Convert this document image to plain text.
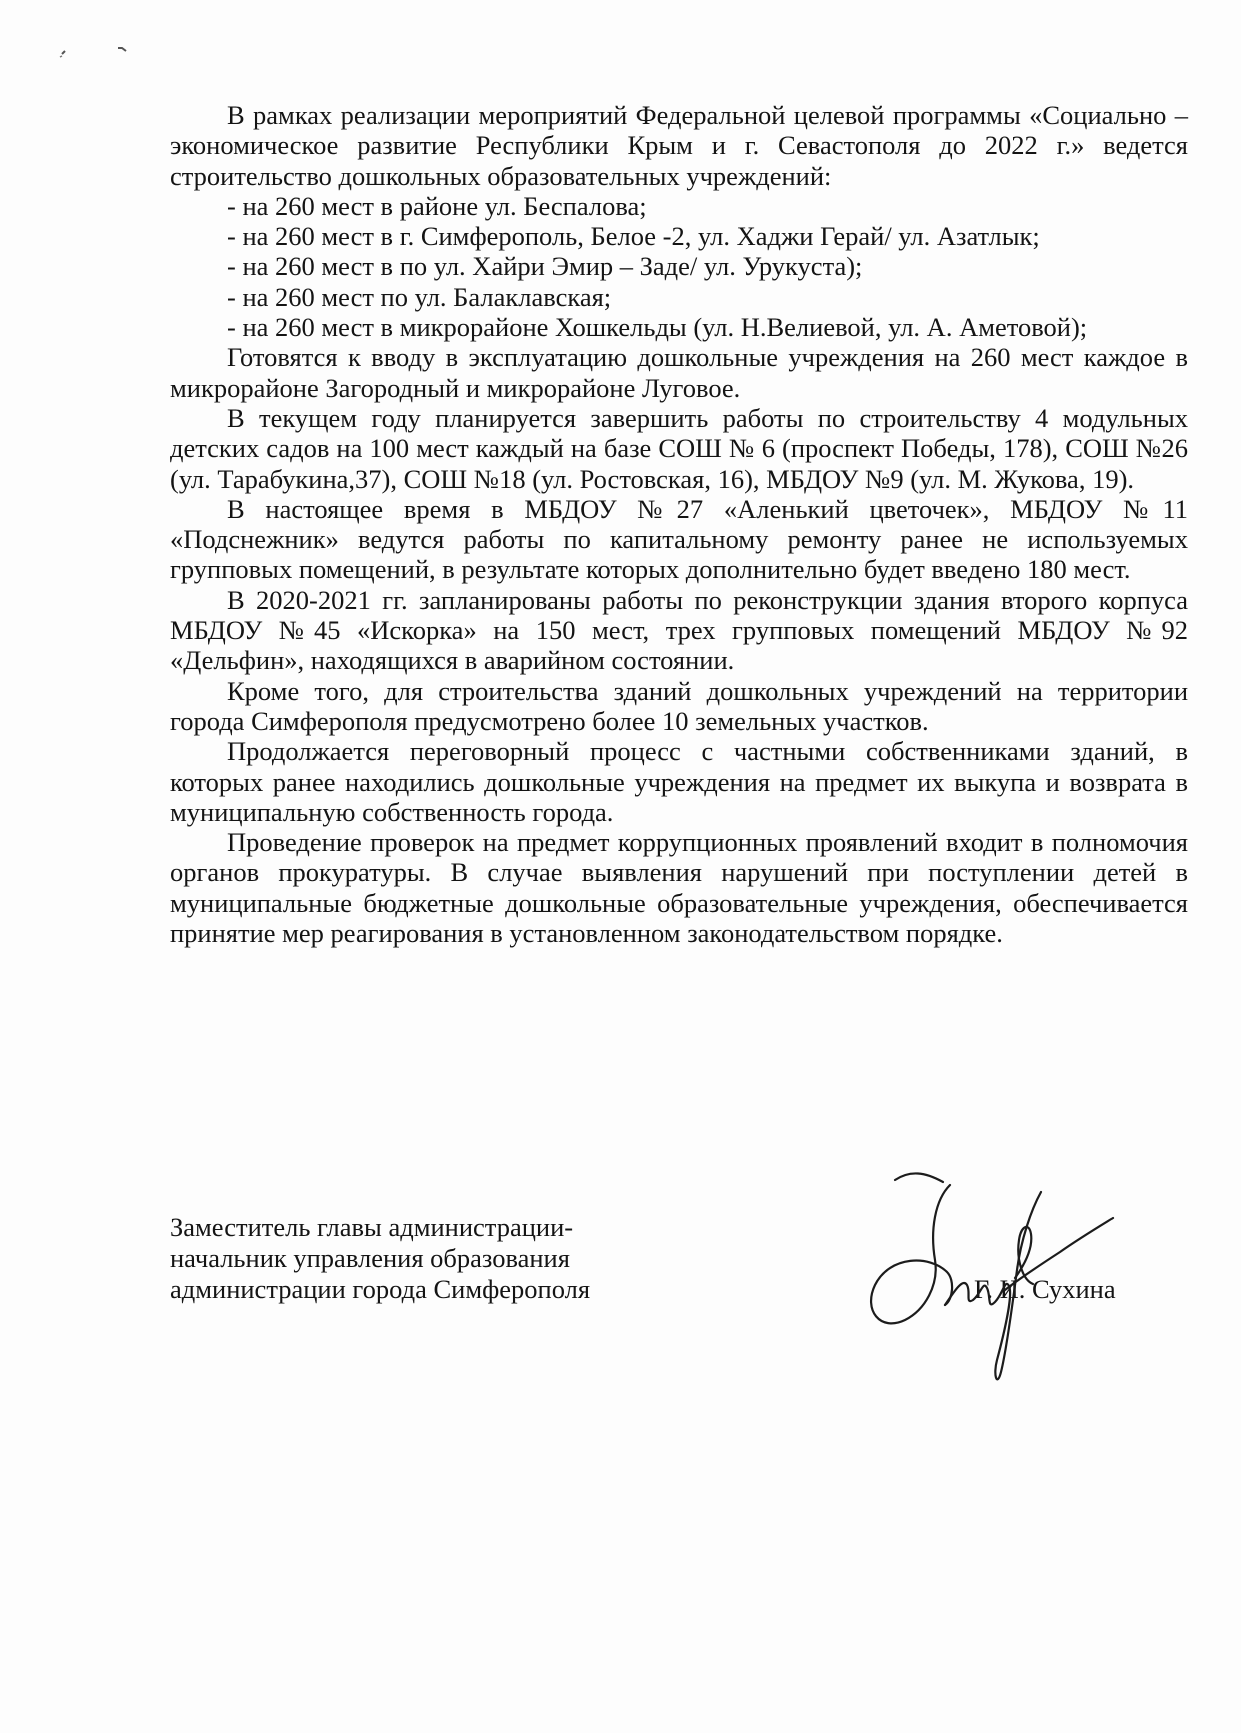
В рамках реализации мероприятий Федеральной целевой программы «Социально – экономическое развитие Республики Крым и г. Севастополя до 2022 г.» ведется строительство дошкольных образовательных учреждений:

- на 260 мест в районе ул. Беспалова;
- на 260 мест в г. Симферополь, Белое -2, ул. Хаджи Герай/ ул. Азатлык;
- на 260 мест в по ул. Хайри Эмир – Заде/ ул. Урукуста);
- на 260 мест по ул. Балаклавская;
- на 260 мест в микрорайоне Хошкельды (ул. Н.Велиевой, ул. А. Аметовой);

Готовятся к вводу в эксплуатацию дошкольные учреждения на 260 мест каждое в микрорайоне Загородный и микрорайоне Луговое.

В текущем году планируется завершить работы по строительству 4 модульных детских садов на 100 мест каждый на базе СОШ № 6 (проспект Победы, 178), СОШ №26 (ул. Тарабукина,37), СОШ №18 (ул. Ростовская, 16), МБДОУ №9 (ул. М. Жукова, 19).

В настоящее время в МБДОУ №27 «Аленький цветочек», МБДОУ №11 «Подснежник» ведутся работы по капитальному ремонту ранее не используемых групповых помещений, в результате которых дополнительно будет введено 180 мест.

В 2020-2021 гг. запланированы работы по реконструкции здания второго корпуса МБДОУ №45 «Искорка» на 150 мест, трех групповых помещений МБДОУ №92 «Дельфин», находящихся в аварийном состоянии.

Кроме того, для строительства зданий дошкольных учреждений на территории города Симферополя предусмотрено более 10 земельных участков.

Продолжается переговорный процесс с частными собственниками зданий, в которых ранее находились дошкольные учреждения на предмет их выкупа и возврата в муниципальную собственность города.

Проведение проверок на предмет коррупционных проявлений входит в полномочия органов прокуратуры. В случае выявления нарушений при поступлении детей в муниципальные бюджетные дошкольные образовательные учреждения, обеспечивается принятие мер реагирования в установленном законодательством порядке.

Заместитель главы администрации-
начальник управления образования
администрации города Симферополя	Г. И. Сухина
